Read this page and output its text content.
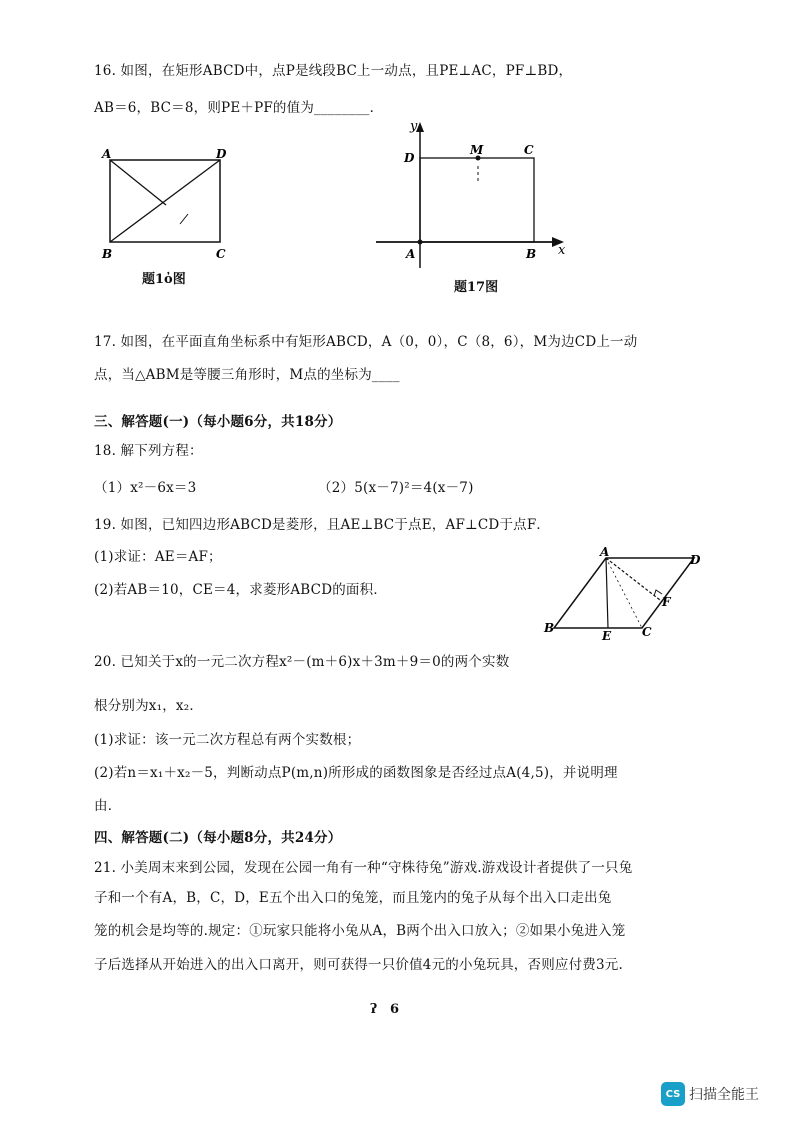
16. 如图，在矩形ABCD中，点P是线段BC上一动点，且PE⊥AC，PF⊥BD，
AB＝6，BC＝8，则PE＋PF的值为________．
A	D
B	C
题1ὀ图
y
x
D
M	C
A	B
题17图
17. 如图，在平面直角坐标系中有矩形ABCD，A（0，0），C（8，6），M为边CD上一动
点，当△ABM是等腰三角形时，M点的坐标为____
三、解答题(一)（每小题6分，共18分）
18. 解下列方程：
（1）x²－6x＝3	（2）5(x－7)²＝4(x－7)
19. 如图，已知四边形ABCD是菱形，且AE⊥BC于点E，AF⊥CD于点F．
(1)求证：AE＝AF；
(2)若AB＝10，CE＝4，求菱形ABCD的面积．
A
D
F
B
E	C
20. 已知关于x的一元二次方程x²－(m＋6)x＋3m＋9＝0的两个实数
根分别为x₁，x₂．
(1)求证：该一元二次方程总有两个实数根；
(2)若n＝x₁＋x₂－5，判断动点P(m,n)所形成的函数图象是否经过点A(4,5)，并说明理
由．
四、解答题(二)（每小题8分，共24分）
21. 小美周末来到公园，发现在公园一角有一种“守株待兔”游戏.游戏设计者提供了一只兔
子和一个有A，B，C，D，E五个出入口的兔笼，而且笼内的兔子从每个出入口走出兔
笼的机会是均等的.规定：①玩家只能将小兔从A，B两个出入口放入；②如果小兔进入笼
子后选择从开始进入的出入口离开，则可获得一只价值4元的小兔玩具，否则应付费3元.
ʔ 6
CS 扫描全能王
